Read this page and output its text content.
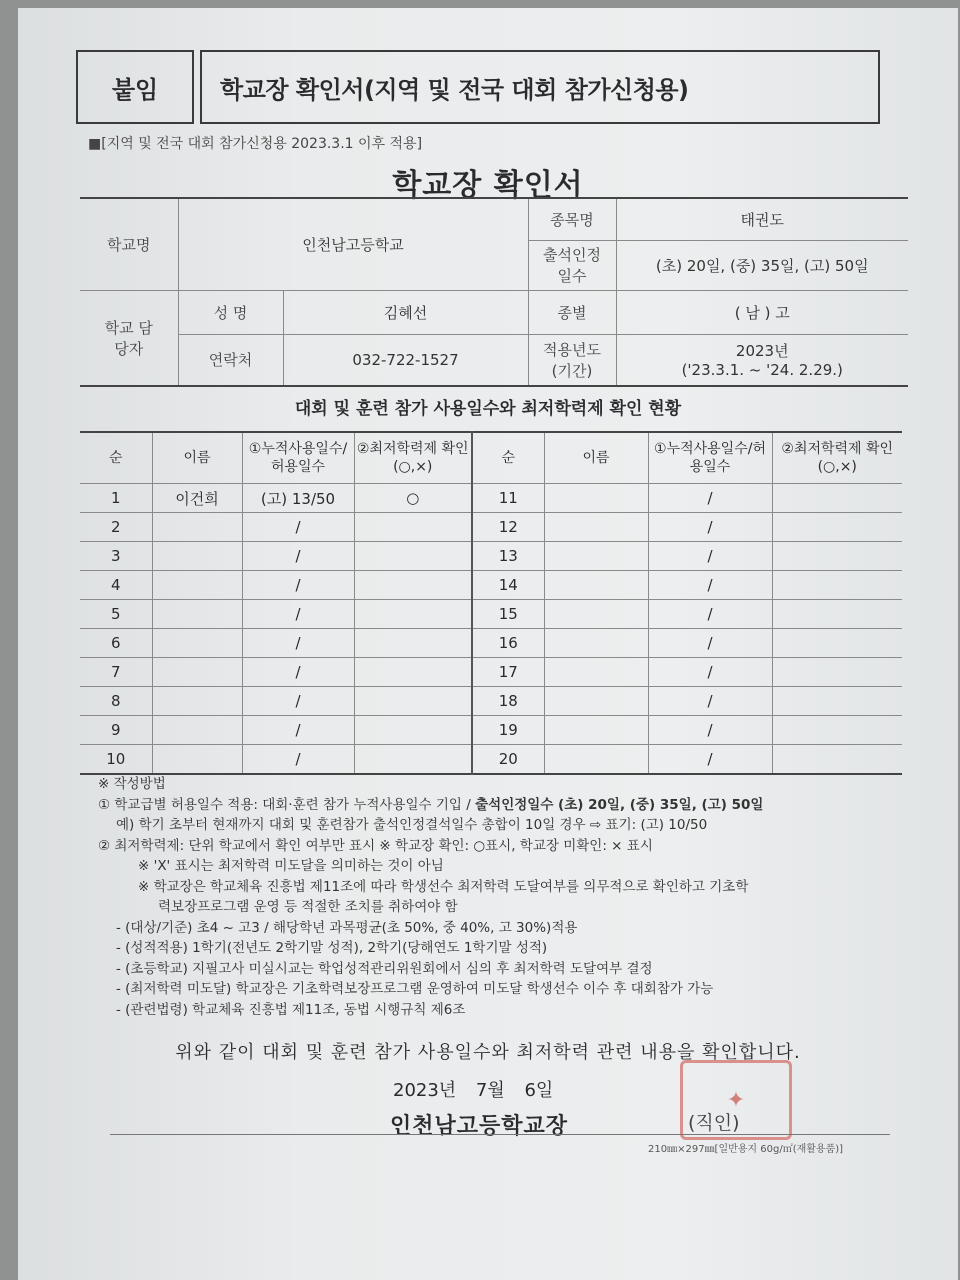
붙임	학교장 확인서(지역 및 전국 대회 참가신청용)
■[지역 및 전국 대회 참가신청용 2023.3.1 이후 적용]
학교장 확인서
학교명	인천남고등학교		종목명	태권도
			출석인정 일수	(초) 20일, (중) 35일, (고) 50일
학교 담당자	성 명	김혜선	종별	( 남 ) 고
	연락처	032-722-1527	적용년도 (기간)	2023년
('23.3.1. ~ '24. 2.29.)
대회 및 훈련 참가 사용일수와 최저학력제 확인 현황
순	이름	①누적사용일수/허용일수	②최저학력제 확인(○,×)	순	이름	①누적사용일수/허용일수	②최저학력제 확인(○,×)
1	이건희	(고) 13/50	○	11		/	
2		/		12		/	
3		/		13		/	
4		/		14		/	
5		/		15		/	
6		/		16		/	
7		/		17		/	
8		/		18		/	
9		/		19		/	
10		/		20		/	
※ 작성방법
① 학교급별 허용일수 적용: 대회·훈련 참가 누적사용일수 기입 / 출석인정일수 (초) 20일, (중) 35일, (고) 50일
예) 학기 초부터 현재까지 대회 및 훈련참가 출석인정결석일수 총합이 10일 경우 ⇨ 표기: (고) 10/50
② 최저학력제: 단위 학교에서 확인 여부만 표시 ※ 학교장 확인: ○표시, 학교장 미확인: × 표시
※ 'X' 표시는 최저학력 미도달을 의미하는 것이 아님
※ 학교장은 학교체육 진흥법 제11조에 따라 학생선수 최저학력 도달여부를 의무적으로 확인하고 기초학
력보장프로그램 운영 등 적절한 조치를 취하여야 함
- (대상/기준) 초4 ~ 고3 / 해당학년 과목평균(초 50%, 중 40%, 고 30%)적용
- (성적적용) 1학기(전년도 2학기말 성적), 2학기(당해연도 1학기말 성적)
- (초등학교) 지필고사 미실시교는 학업성적관리위원회에서 심의 후 최저학력 도달여부 결정
- (최저학력 미도달) 학교장은 기초학력보장프로그램 운영하여 미도달 학생선수 이수 후 대회참가 가능
- (관련법령) 학교체육 진흥법 제11조, 동법 시행규칙 제6조
위와 같이 대회 및 훈련 참가 사용일수와 최저학력 관련 내용을 확인합니다.
2023년 7월 6일
인천남고등학교장
✦
(직인)
210㎜×297㎜[일반용지 60g/㎡(재활용품)]
